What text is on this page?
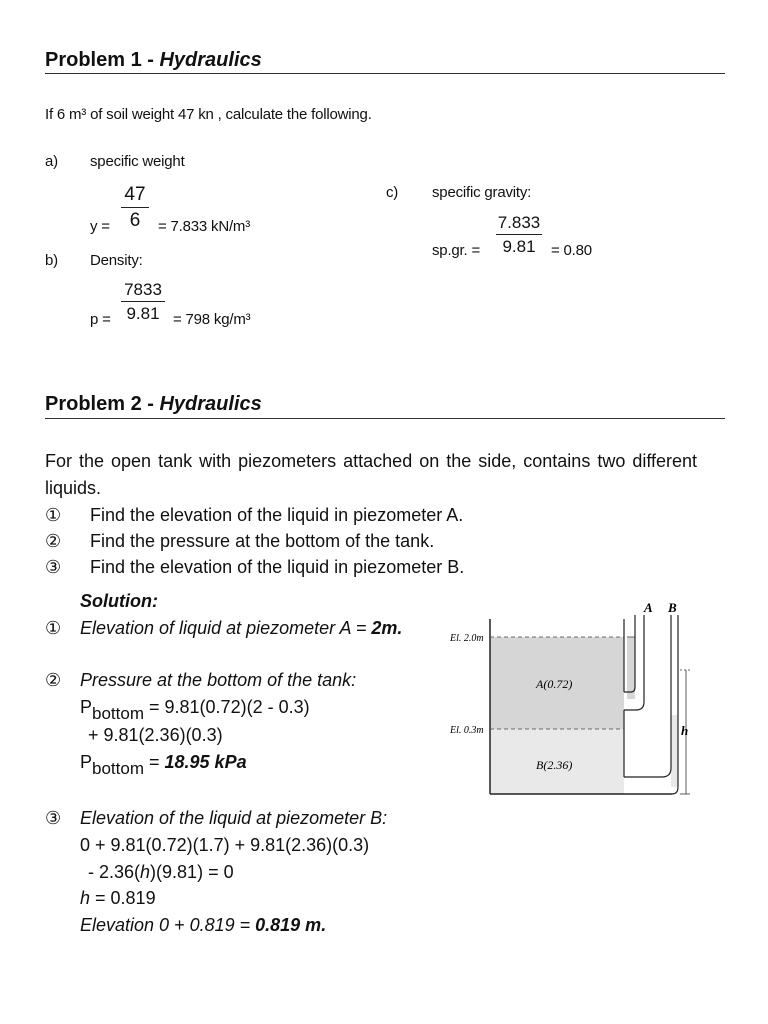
Problem 1 - Hydraulics
If 6 m³ of soil weight 47 kn , calculate the following.
a) specific weight
y =
47
6	= 7.833 kN/m³
b) Density:
p =
7833
9.81 = 798 kg/m³
c) specific gravity:
sp.gr. =
7.833
9.81	= 0.80
Problem 2 - Hydraulics
For the open tank with piezometers attached on the side, contains two different
liquids.
① Find the elevation of the liquid in piezometer A.
② Find the pressure at the bottom of the tank.
③ Find the elevation of the liquid in piezometer B.
Solution:
① Elevation of liquid at piezometer A = 2m.
② Pressure at the bottom of the tank:
Pbottom = 9.81(0.72)(2 - 0.3)
+ 9.81(2.36)(0.3)
Pbottom = 18.95 kPa
③ Elevation of the liquid at piezometer B:
0 + 9.81(0.72)(1.7) + 9.81(2.36)(0.3)
- 2.36(h)(9.81) = 0
h = 0.819
Elevation 0 + 0.819 = 0.819 m.
A B
El. 2.0m
El. 0.3m
A(0.72)
B(2.36)
h
